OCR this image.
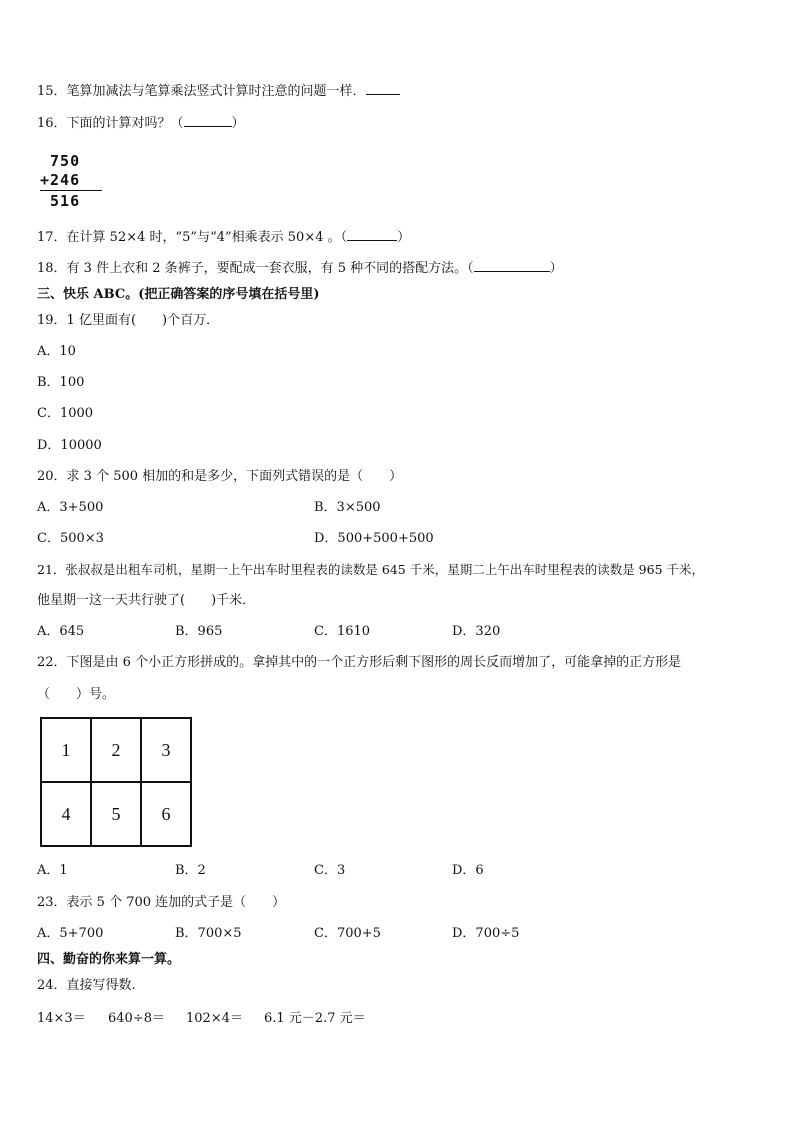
15．笔算加减法与笔算乘法竖式计算时注意的问题一样．
16．下面的计算对吗？（	）
750
+246
516
17．在计算 52×4 时，“5”与“4”相乘表示 50×4 。（	）
18．有 3 件上衣和 2 条裤子，要配成一套衣服，有 5 种不同的搭配方法。（	）
三、快乐 ABC。(把正确答案的序号填在括号里)
19．1 亿里面有(　　)个百万．
A．10
B．100
C．1000
D．10000
20．求 3 个 500 相加的和是多少，下面列式错误的是（　　）
A．3+500	B．3×500
C．500×3	D．500+500+500
21．张叔叔是出租车司机，星期一上午出车时里程表的读数是 645 千米，星期二上午出车时里程表的读数是 965 千米，
他星期一这一天共行驶了(　　)千米．
A．645	B．965	C．1610	D．320
22．下图是由 6 个小正方形拼成的。拿掉其中的一个正方形后剩下图形的周长反而增加了，可能拿掉的正方形是
（　　）号。
1	2	3
4	5	6
A．1	B．2	C．3	D．6
23．表示 5 个 700 连加的式子是（　　）
A．5+700	B．700×5	C．700+5	D．700÷5
四、勤奋的你来算一算。
24．直接写得数.
14×3＝ 640÷8＝ 102×4＝ 6.1 元－2.7 元＝
